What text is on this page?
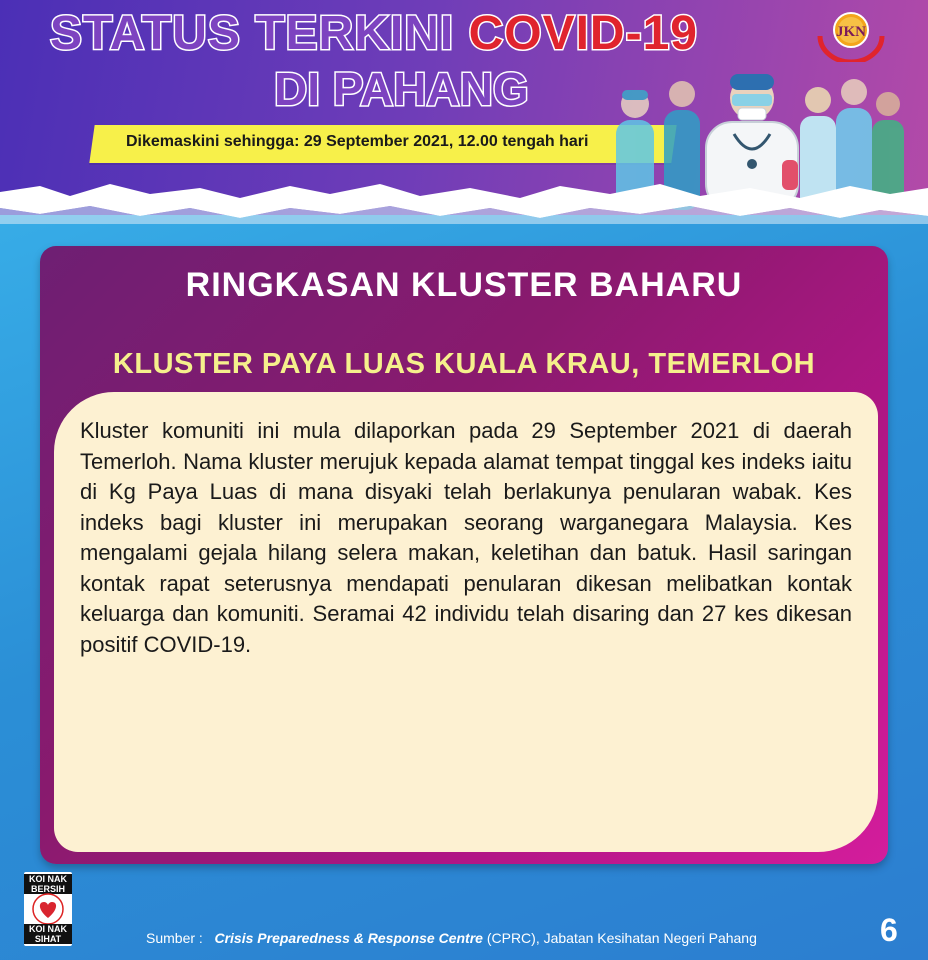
STATUS TERKINI COVID-19
DI PAHANG
Dikemaskini sehingga: 29 September 2021, 12.00 tengah hari
JKN
RINGKASAN KLUSTER BAHARU
KLUSTER PAYA LUAS KUALA KRAU, TEMERLOH
Kluster komuniti ini mula dilaporkan pada 29 September 2021 di daerah Temerloh. Nama kluster merujuk kepada alamat tempat tinggal kes indeks iaitu di Kg Paya Luas di mana disyaki telah berlakunya penularan wabak. Kes indeks bagi kluster ini merupakan seorang warganegara Malaysia. Kes mengalami gejala hilang selera makan, keletihan dan batuk. Hasil saringan kontak rapat seterusnya mendapati penularan dikesan melibatkan kontak keluarga dan komuniti. Seramai 42 individu telah disaring dan 27 kes dikesan positif COVID-19.
KOI NAK BERSIH
KOI NAK SIHAT	Sumber : Crisis Preparedness & Response Centre (CPRC), Jabatan Kesihatan Negeri Pahang	6
